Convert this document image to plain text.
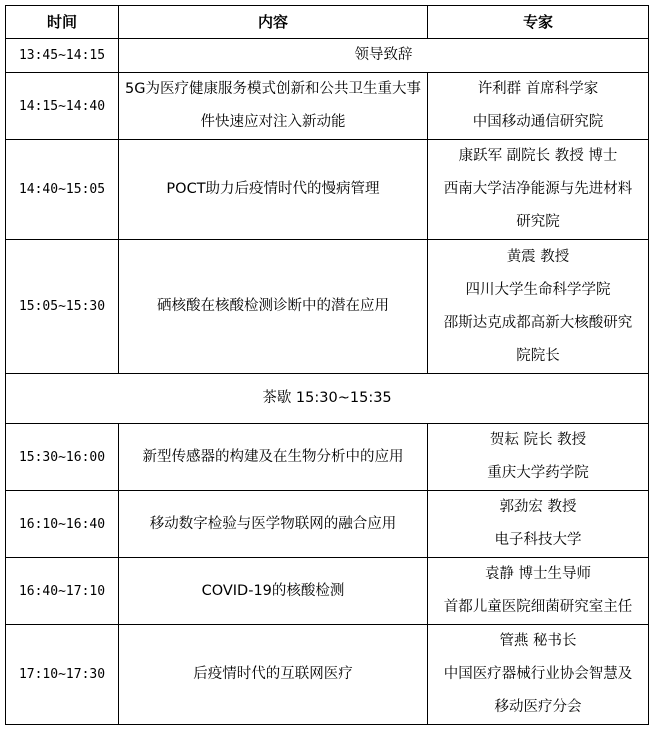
时间	内容	专家
13:45~14:15	领导致辞	
14:15~14:40	5G为医疗健康服务模式创新和公共卫生重大事件快速应对注入新动能	许利群 首席科学家
中国移动通信研究院

14:40~15:05	POCT助力后疫情时代的慢病管理	康跃军 副院长 教授 博士
西南大学洁净能源与先进材料
研究院

15:05~15:30	硒核酸在核酸检测诊断中的潜在应用	黄震 教授
四川大学生命科学学院
邵斯达克成都高新大核酸研究
院院长

茶歇 15:30~15:35		
15:30~16:00	新型传感器的构建及在生物分析中的应用	贺耘 院长 教授
重庆大学药学院

16:10~16:40	移动数字检验与医学物联网的融合应用	郭劲宏 教授
电子科技大学

16:40~17:10	COVID-19的核酸检测	袁静 博士生导师
首都儿童医院细菌研究室主任

17:10~17:30	后疫情时代的互联网医疗	管燕 秘书长
中国医疗器械行业协会智慧及
移动医疗分会
